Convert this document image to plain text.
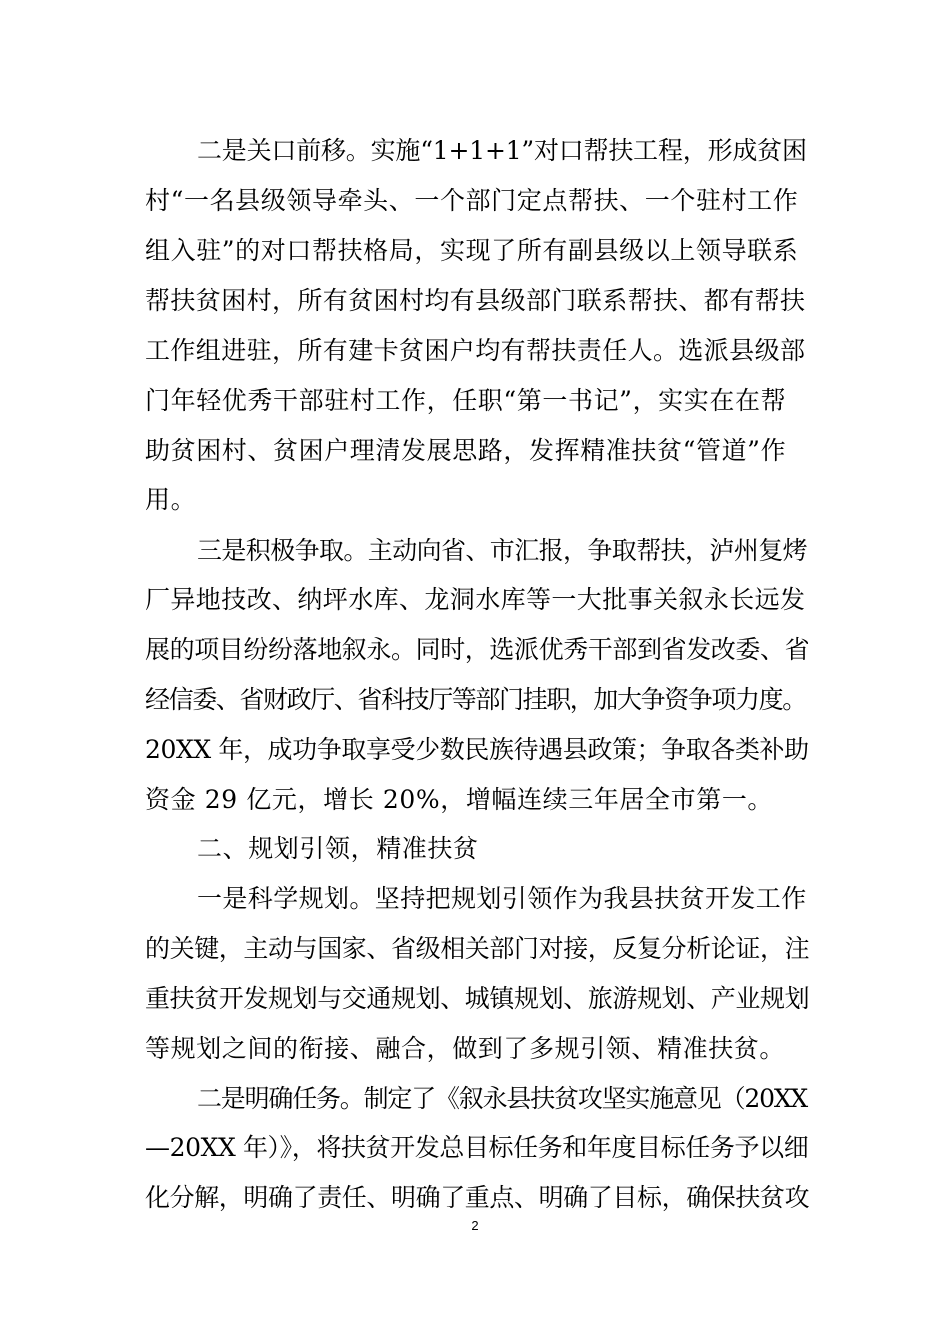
二是关口前移。实施“1+1+1”对口帮扶工程，形成贫困
村“一名县级领导牵头、一个部门定点帮扶、一个驻村工作
组入驻”的对口帮扶格局，实现了所有副县级以上领导联系
帮扶贫困村，所有贫困村均有县级部门联系帮扶、都有帮扶
工作组进驻，所有建卡贫困户均有帮扶责任人。选派县级部
门年轻优秀干部驻村工作，任职“第一书记”，实实在在帮
助贫困村、贫困户理清发展思路，发挥精准扶贫“管道”作
用。
三是积极争取。主动向省、市汇报，争取帮扶，泸州复烤
厂异地技改、纳坪水库、龙洞水库等一大批事关叙永长远发
展的项目纷纷落地叙永。同时，选派优秀干部到省发改委、省
经信委、省财政厅、省科技厅等部门挂职，加大争资争项力度。
20XX 年，成功争取享受少数民族待遇县政策；争取各类补助
资金 29 亿元，增长 20%，增幅连续三年居全市第一。
二、规划引领，精准扶贫
一是科学规划。坚持把规划引领作为我县扶贫开发工作
的关键，主动与国家、省级相关部门对接，反复分析论证，注
重扶贫开发规划与交通规划、城镇规划、旅游规划、产业规划
等规划之间的衔接、融合，做到了多规引领、精准扶贫。
二是明确任务。制定了《叙永县扶贫攻坚实施意见（20XX
—20XX 年）》，将扶贫开发总目标任务和年度目标任务予以细
化分解，明确了责任、明确了重点、明确了目标，确保扶贫攻
2
